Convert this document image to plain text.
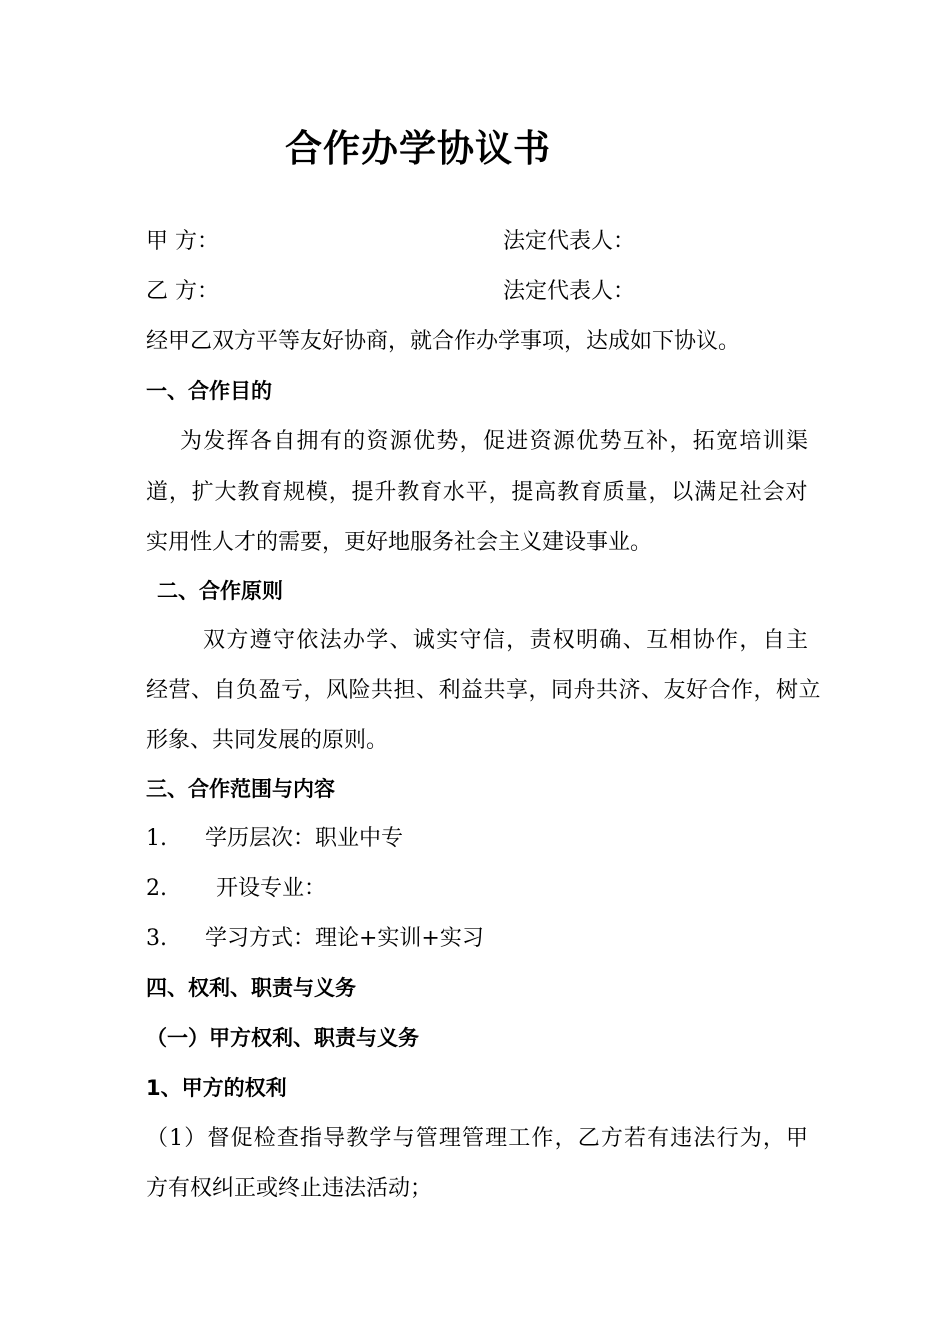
合作办学协议书
甲 方：	法定代表人：
乙 方：	法定代表人：
经甲乙双方平等友好协商，就合作办学事项，达成如下协议。
一、合作目的
为发挥各自拥有的资源优势，促进资源优势互补，拓宽培训渠
道，扩大教育规模，提升教育水平，提高教育质量，以满足社会对
实用性人才的需要，更好地服务社会主义建设事业。
二、合作原则
双方遵守依法办学、诚实守信，责权明确、互相协作，自主
经营、自负盈亏，风险共担、利益共享，同舟共济、友好合作，树立
形象、共同发展的原则。
三、合作范围与内容
1. 学历层次：职业中专
2. 开设专业：
3. 学习方式：理论+实训+实习
四、权利、职责与义务
（一）甲方权利、职责与义务
1、甲方的权利
（1）督促检查指导教学与管理管理工作，乙方若有违法行为，甲
方有权纠正或终止违法活动；
